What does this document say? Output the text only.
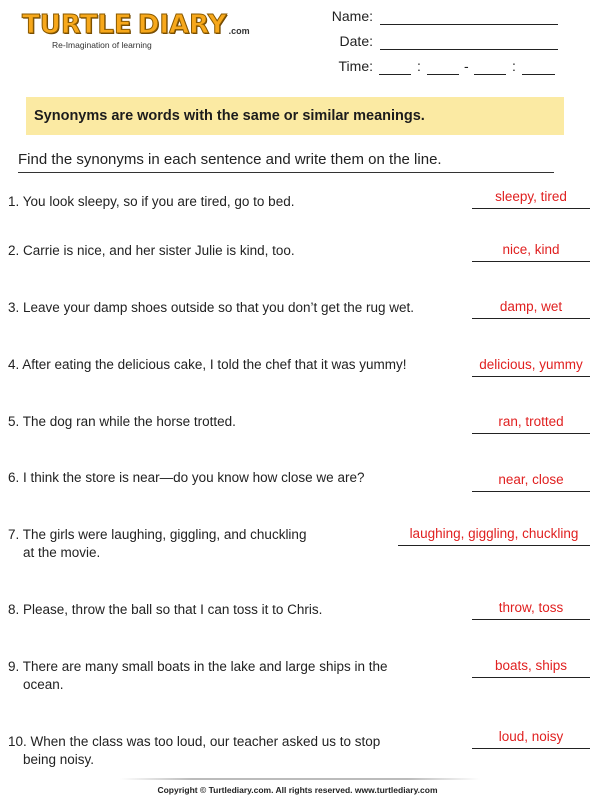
TURTLE DIARY .com
Re-Imagination of learning
Name:
Date:
Time:	:	-	:
Synonyms are words with the same or similar meanings.
Find the synonyms in each sentence and write them on the line.
1. You look sleepy, so if you are tired, go to bed.	sleepy, tired
2. Carrie is nice, and her sister Julie is kind, too.	nice, kind
3. Leave your damp shoes outside so that you don’t get the rug wet.	damp, wet
4. After eating the delicious cake, I told the chef that it was yummy!	delicious, yummy
5. The dog ran while the horse trotted.	ran, trotted
6. I think the store is near—do you know how close we are?	near, close
7. The girls were laughing, giggling, and chuckling
at the movie.
laughing, giggling, chuckling
8. Please, throw the ball so that I can toss it to Chris.	throw, toss
9. There are many small boats in the lake and large ships in the
ocean.
boats, ships
10. When the class was too loud, our teacher asked us to stop
being noisy.
loud, noisy
Copyright © Turtlediary.com. All rights reserved. www.turtlediary.com
